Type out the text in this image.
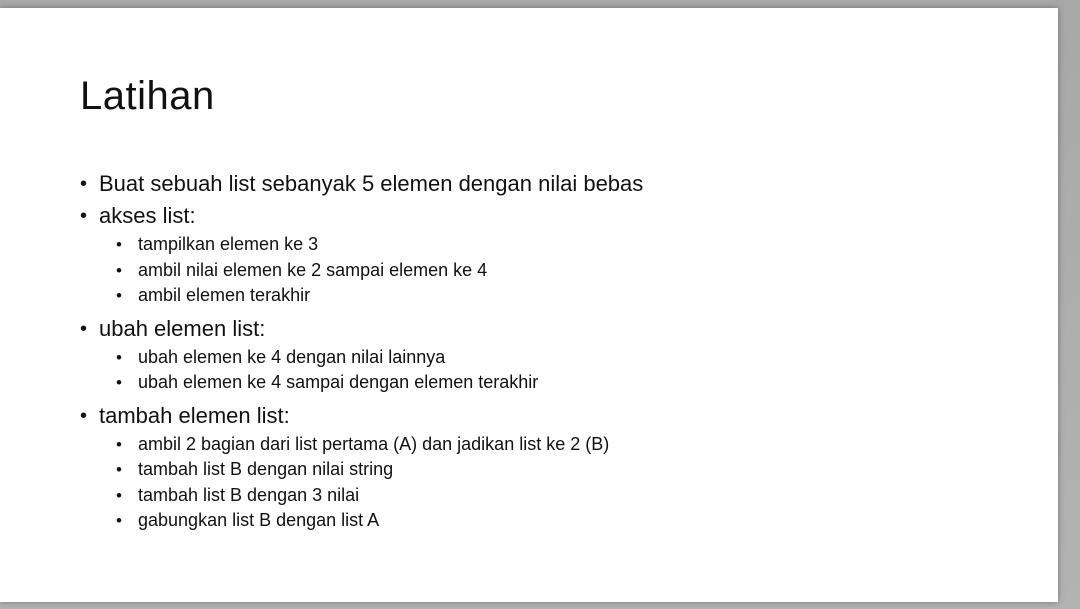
Latihan
• Buat sebuah list sebanyak 5 elemen dengan nilai bebas
• akses list:
• tampilkan elemen ke 3
• ambil nilai elemen ke 2 sampai elemen ke 4
• ambil elemen terakhir
• ubah elemen list:
• ubah elemen ke 4 dengan nilai lainnya
• ubah elemen ke 4 sampai dengan elemen terakhir
• tambah elemen list:
• ambil 2 bagian dari list pertama (A) dan jadikan list ke 2 (B)
• tambah list B dengan nilai string
• tambah list B dengan 3 nilai
• gabungkan list B dengan list A
